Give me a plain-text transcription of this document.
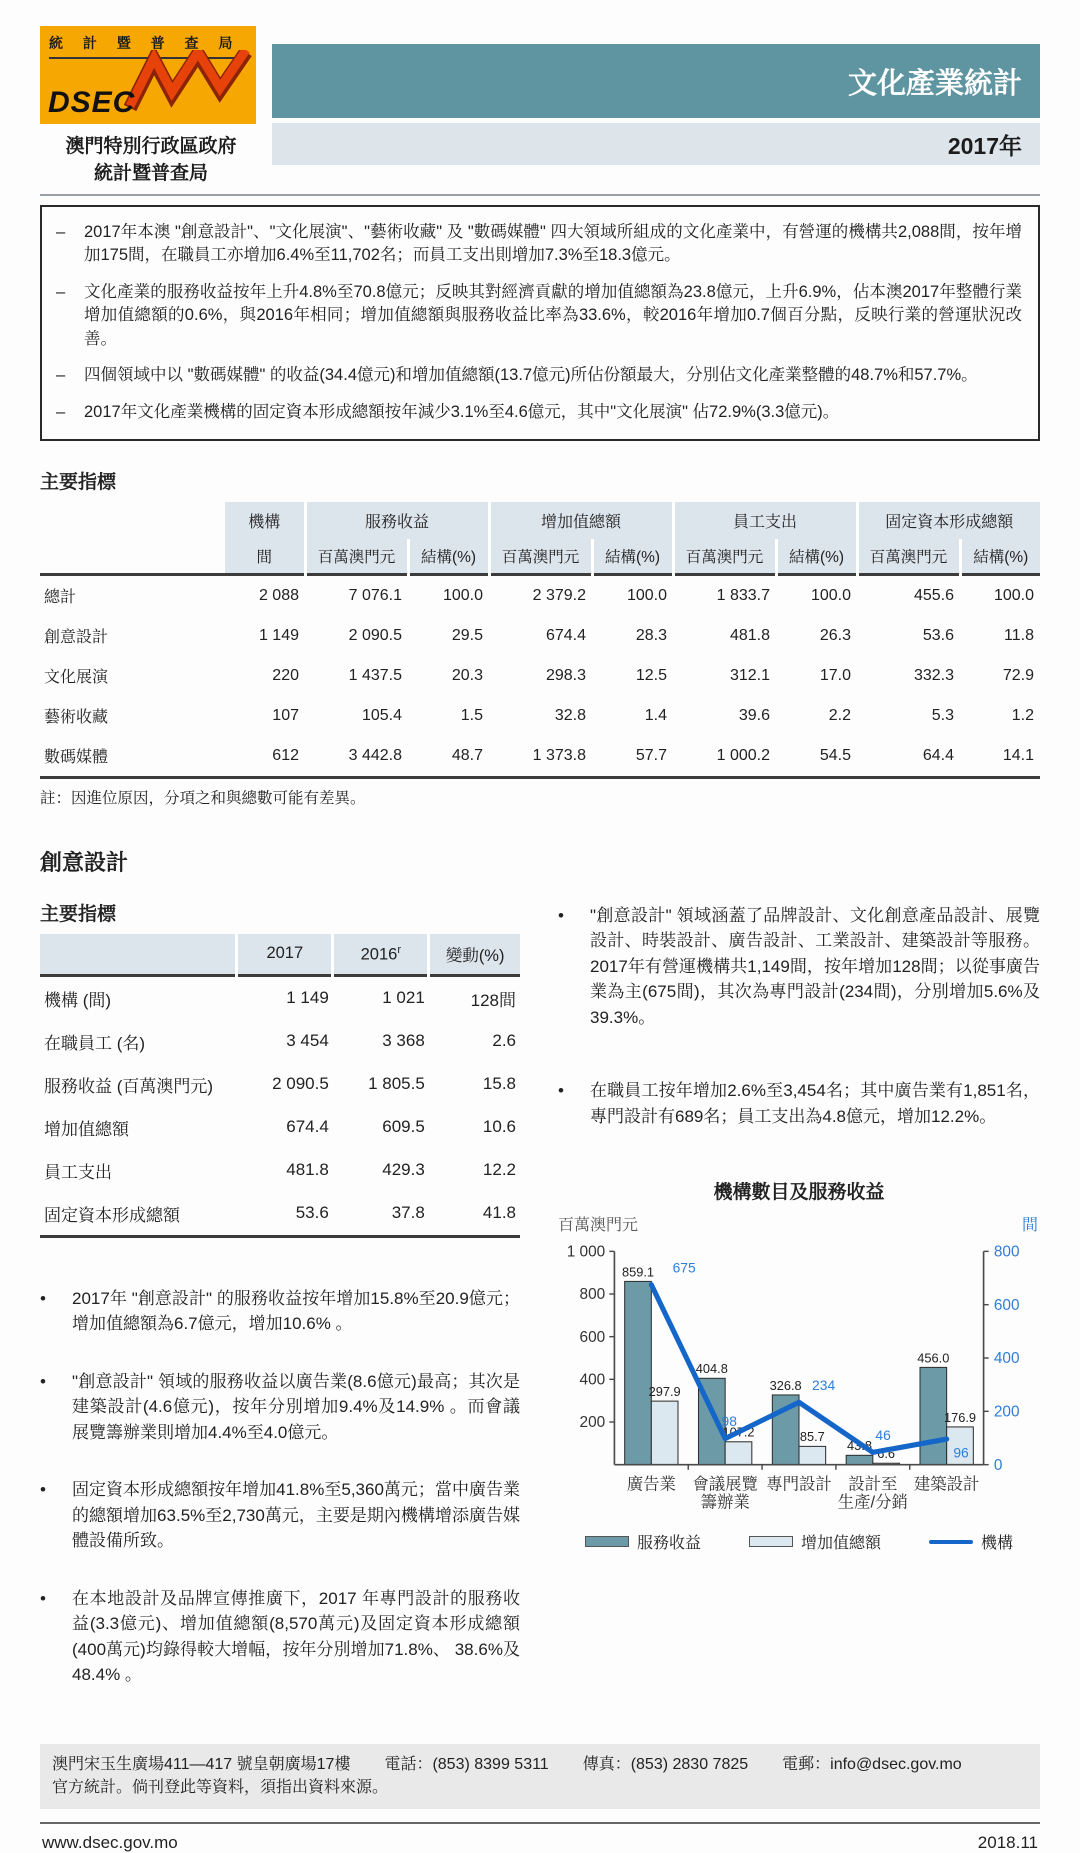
統 計 暨 普 查 局
DSEC
澳門特別行政區政府
統計暨普查局
文化產業統計
2017年
– 2017年本澳 "創意設計"、"文化展演"、"藝術收藏" 及 "數碼媒體" 四大領域所組成的文化產業中，有營運的機構共2,088間，按年增加175間，在職員工亦增加6.4%至11,702名；而員工支出則增加7.3%至18.3億元。
– 文化產業的服務收益按年上升4.8%至70.8億元；反映其對經濟貢獻的增加值總額為23.8億元，上升6.9%，佔本澳2017年整體行業增加值總額的0.6%，與2016年相同；增加值總額與服務收益比率為33.6%，較2016年增加0.7個百分點，反映行業的營運狀況改善。
– 四個領域中以 "數碼媒體" 的收益(34.4億元)和增加值總額(13.7億元)所佔份額最大，分別佔文化產業整體的48.7%和57.7%。
– 2017年文化產業機構的固定資本形成總額按年減少3.1%至4.6億元，其中"文化展演" 佔72.9%(3.3億元)。
主要指標
	機構	服務收益		增加值總額		員工支出		固定資本形成總額	
	間	百萬澳門元	結構(%)	百萬澳門元	結構(%)	百萬澳門元	結構(%)	百萬澳門元	結構(%)
總計	2 088	7 076.1	100.0	2 379.2	100.0	1 833.7	100.0	455.6	100.0
創意設計	1 149	2 090.5	29.5	674.4	28.3	481.8	26.3	53.6	11.8
文化展演	220	1 437.5	20.3	298.3	12.5	312.1	17.0	332.3	72.9
藝術收藏	107	105.4	1.5	32.8	1.4	39.6	2.2	5.3	1.2
數碼媒體	612	3 442.8	48.7	1 373.8	57.7	1 000.2	54.5	64.4	14.1
註：因進位原因，分項之和與總數可能有差異。
創意設計
主要指標
	2017	2016$^r$	變動(%)
機構 (間)	1 149	1 021	128間
在職員工 (名)	3 454	3 368	2.6
服務收益 (百萬澳門元)	2 090.5	1 805.5	15.8
增加值總額	674.4	609.5	10.6
員工支出	481.8	429.3	12.2
固定資本形成總額	53.6	37.8	41.8
•	2017年 "創意設計" 的服務收益按年增加15.8%至20.9億元；增加值總額為6.7億元，增加10.6% 。
•	"創意設計" 領域的服務收益以廣告業(8.6億元)最高；其次是建築設計(4.6億元)，按年分別增加9.4%及14.9% 。而會議展覽籌辦業則增加4.4%至4.0億元。
•	固定資本形成總額按年增加41.8%至5,360萬元；當中廣告業的總額增加63.5%至2,730萬元，主要是期內機構增添廣告媒體設備所致。
•	在本地設計及品牌宣傳推廣下，2017 年專門設計的服務收益(3.3億元)、增加值總額(8,570萬元)及固定資本形成總額(400萬元)均錄得較大增幅，按年分別增加71.8%、 38.6%及48.4% 。
•	"創意設計" 領域涵蓋了品牌設計、文化創意產品設計、展覽設計、時裝設計、廣告設計、工業設計、建築設計等服務。2017年有營運機構共1,149間，按年增加128間；以從事廣告業為主(675間)，其次為專門設計(234間)，分別增加5.6%及39.3%。
•	在職員工按年增加2.6%至3,454名；其中廣告業有1,851名，專門設計有689名；員工支出為4.8億元，增加12.2%。
機構數目及服務收益
百萬澳門元	間
1 000
800
600
400
200
800
600
400
200
0
廣告業 會議展覽
籌辦業
專門設計 設計至
生產/分銷
建築設計
859.1
404.8
326.8
43.8
456.0
297.9
107.2	85.7
6.6
176.9
675
98
234
46
96
服務收益	增加值總額	機構
澳門宋玉生廣場411—417 號皇朝廣場17樓 電話：(853) 8399 5311 傳真：(853) 2830 7825 電郵：info@dsec.gov.mo
官方統計。倘刊登此等資料，須指出資料來源。
www.dsec.gov.mo	2018.11
